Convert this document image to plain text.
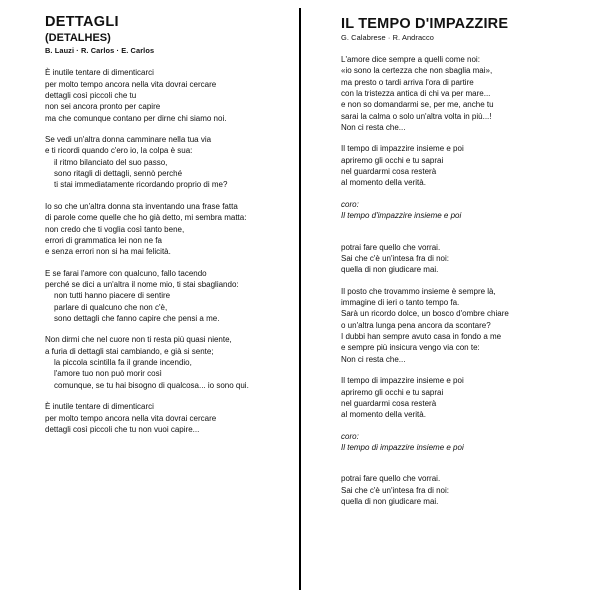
DETTAGLI
(DETALHES)
B. Lauzi · R. Carlos · E. Carlos
È inutile tentare di dimenticarci
per molto tempo ancora nella vita dovrai cercare
dettagli così piccoli che tu
non sei ancora pronto per capire
ma che comunque contano per dirne chi siamo noi.
Se vedi un'altra donna camminare nella tua via
e ti ricordi quando c'ero io, la colpa è sua:
il ritmo bilanciato del suo passo,
sono ritagli di dettagli, sennò perché
ti stai immediatamente ricordando proprio di me?
Io so che un'altra donna sta inventando una frase fatta
di parole come quelle che ho già detto, mi sembra matta:
non credo che ti voglia così tanto bene,
errori di grammatica lei non ne fa
e senza errori non si ha mai felicità.
E se farai l'amore con qualcuno, fallo tacendo
perché se dici a un'altra il nome mio, ti stai sbagliando:
non tutti hanno piacere di sentire
parlare di qualcuno che non c'è,
sono dettagli che fanno capire che pensi a me.
Non dirmi che nel cuore non ti resta più quasi niente,
a furia di dettagli stai cambiando, e già si sente;
la piccola scintilla fa il grande incendio,
l'amore tuo non può morir così
comunque, se tu hai bisogno di qualcosa... io sono qui.
È inutile tentare di dimenticarci
per molto tempo ancora nella vita dovrai cercare
dettagli così piccoli che tu non vuoi capire...
IL TEMPO D'IMPAZZIRE
G. Calabrese · R. Andracco
L'amore dice sempre a quelli come noi:
«io sono la certezza che non sbaglia mai»,
ma presto o tardi arriva l'ora di partire
con la tristezza antica di chi va per mare...
e non so domandarmi se, per me, anche tu
sarai la calma o solo un'altra volta in più...!
Non ci resta che...
Il tempo di impazzire insieme e poi
apriremo gli occhi e tu saprai
nel guardarmi cosa resterà
al momento della verità.
coro:
Il tempo d'impazzire insieme e poi
potrai fare quello che vorrai.
Sai che c'è un'intesa fra di noi:
quella di non giudicare mai.
Il posto che trovammo insieme è sempre là,
immagine di ieri o tanto tempo fa.
Sarà un ricordo dolce, un bosco d'ombre chiare
o un'altra lunga pena ancora da scontare?
I dubbi han sempre avuto casa in fondo a me
e sempre più insicura vengo via con te:
Non ci resta che...
Il tempo di impazzire insieme e poi
apriremo gli occhi e tu saprai
nel guardarmi cosa resterà
al momento della verità.
coro:
Il tempo di impazzire insieme e poi
potrai fare quello che vorrai.
Sai che c'è un'intesa fra di noi:
quella di non giudicare mai.
